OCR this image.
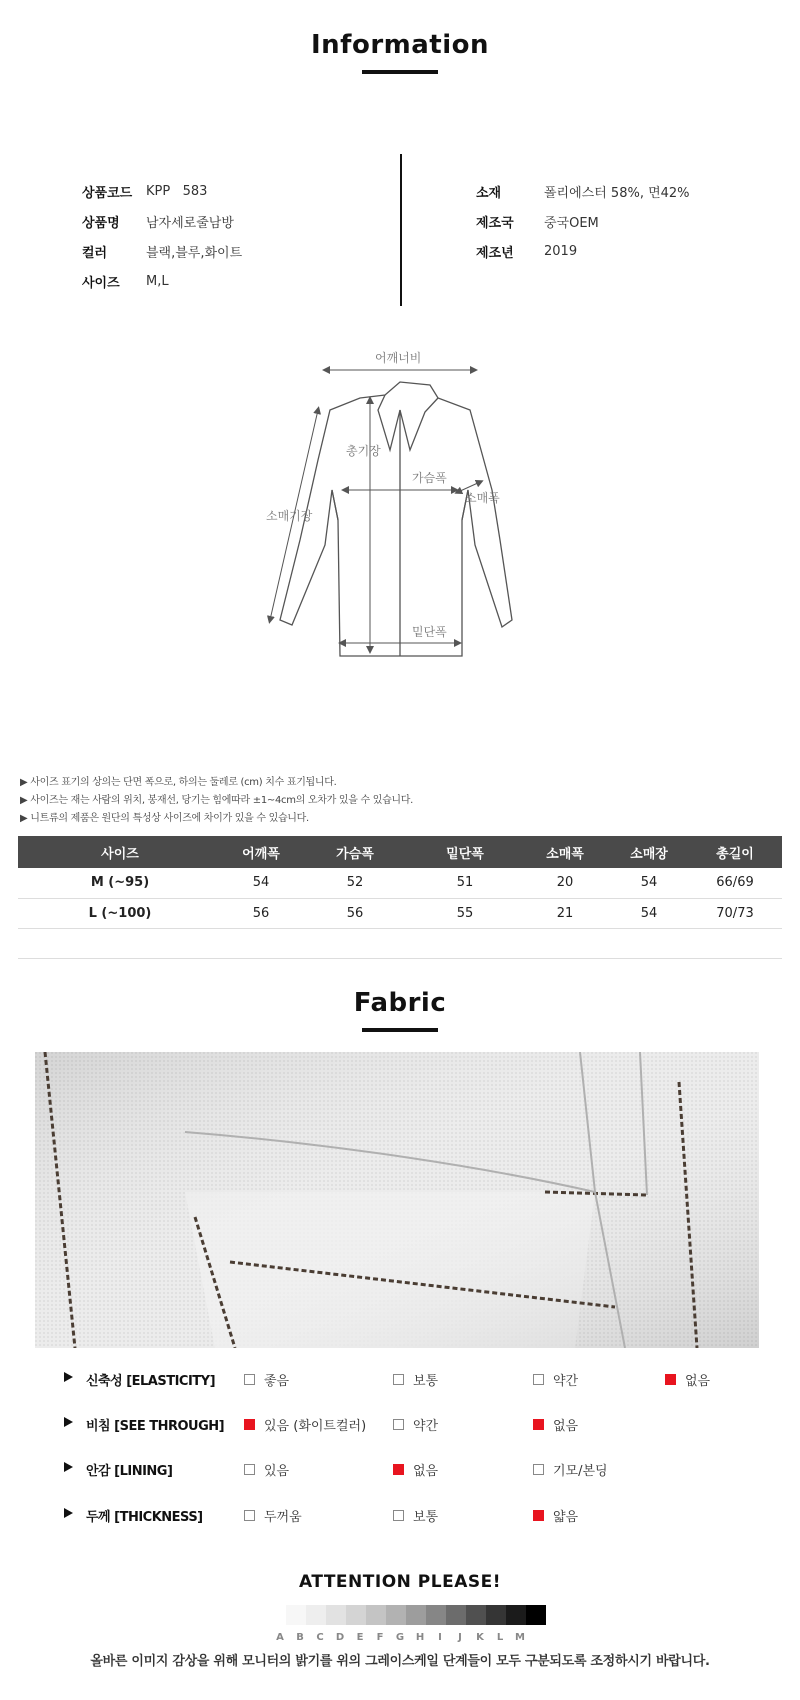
Information
상품코드	KPP   583
상품명	남자세로줄남방
컬러	블랙,블루,화이트
사이즈	M,L
소재	폴리에스터 58%, 면42%
제조국	중국OEM
제조년	2019
어깨너비
총기장
가슴폭
소매폭
소매기장
밑단폭
▶ 사이즈 표기의 상의는 단면 폭으로, 하의는 둘레로 (cm) 치수 표기됩니다.
▶ 사이즈는 재는 사람의 위치, 봉재선, 당기는 힘에따라 ±1~4cm의 오차가 있을 수 있습니다.
▶ 니트류의 제품은 원단의 특성상 사이즈에 차이가 있을 수 있습니다.
사이즈	어깨폭	가슴폭	밑단폭	소매폭	소매장	총길이
M (~95)	54	52	51	20	54	66/69
L (~100)	56	56	55	21	54	70/73
Fabric
신축성 [ELASTICITY]	좋음	보통	약간	없음
비침 [SEE THROUGH]	있음 (화이트컬러)	약간	없음
안감 [LINING]	있음	없음	기모/본딩
두께 [THICKNESS]	두꺼움	보통	얇음
ATTENTION PLEASE!
A	B	C	D	E	F	G	H	I	J	K	L	M
올바른 이미지 감상을 위해 모니터의 밝기를 위의 그레이스케일 단계들이 모두 구분되도록 조정하시기 바랍니다.
